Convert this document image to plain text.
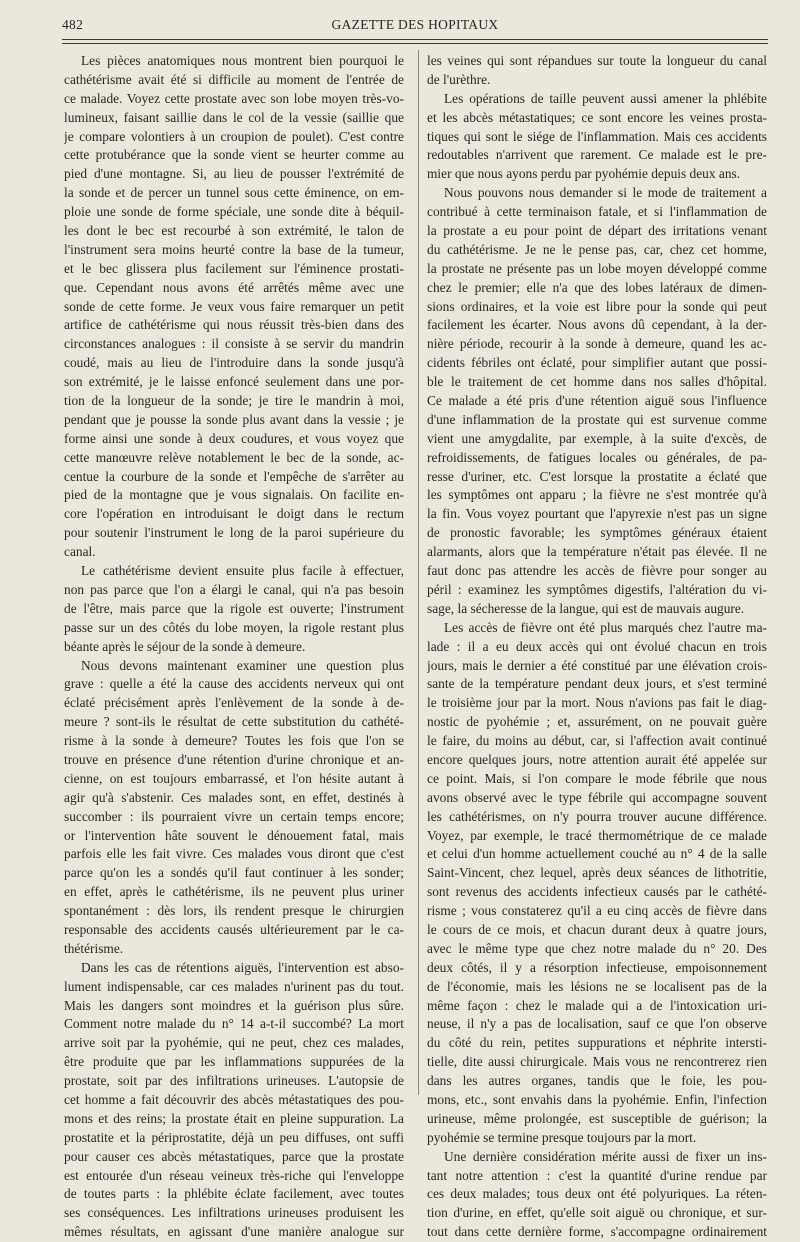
482	GAZETTE DES HOPITAUX
Les pièces anatomiques nous montrent bien pourquoi le
cathétérisme avait été si difficile au moment de l'entrée de
ce malade. Voyez cette prostate avec son lobe moyen très-vo-
lumineux, faisant saillie dans le col de la vessie (saillie que
je compare volontiers à un croupion de poulet). C'est contre
cette protubérance que la sonde vient se heurter comme au
pied d'une montagne. Si, au lieu de pousser l'extrémité de
la sonde et de percer un tunnel sous cette éminence, on em-
ploie une sonde de forme spéciale, une sonde dite à béquil-
les dont le bec est recourbé à son extrémité, le talon de
l'instrument sera moins heurté contre la base de la tumeur,
et le bec glissera plus facilement sur l'éminence prostati-
que. Cependant nous avons été arrêtés même avec une
sonde de cette forme. Je veux vous faire remarquer un petit
artifice de cathétérisme qui nous réussit très-bien dans des
circonstances analogues : il consiste à se servir du mandrin
coudé, mais au lieu de l'introduire dans la sonde jusqu'à
son extrémité, je le laisse enfoncé seulement dans une por-
tion de la longueur de la sonde; je tire le mandrin à moi,
pendant que je pousse la sonde plus avant dans la vessie ; je
forme ainsi une sonde à deux coudures, et vous voyez que
cette manœuvre relève notablement le bec de la sonde, ac-
centue la courbure de la sonde et l'empêche de s'arrêter au
pied de la montagne que je vous signalais. On facilite en-
core l'opération en introduisant le doigt dans le rectum
pour soutenir l'instrument le long de la paroi supérieure du
canal.
Le cathétérisme devient ensuite plus facile à effectuer,
non pas parce que l'on a élargi le canal, qui n'a pas besoin
de l'être, mais parce que la rigole est ouverte; l'instrument
passe sur un des côtés du lobe moyen, la rigole restant plus
béante après le séjour de la sonde à demeure.
Nous devons maintenant examiner une question plus
grave : quelle a été la cause des accidents nerveux qui ont
éclaté précisément après l'enlèvement de la sonde à de-
meure ? sont-ils le résultat de cette substitution du cathété-
risme à la sonde à demeure? Toutes les fois que l'on se
trouve en présence d'une rétention d'urine chronique et an-
cienne, on est toujours embarrassé, et l'on hésite autant à
agir qu'à s'abstenir. Ces malades sont, en effet, destinés à
succomber : ils pourraient vivre un certain temps encore;
or l'intervention hâte souvent le dénouement fatal, mais
parfois elle les fait vivre. Ces malades vous diront que c'est
parce qu'on les a sondés qu'il faut continuer à les sonder;
en effet, après le cathétérisme, ils ne peuvent plus uriner
spontanément : dès lors, ils rendent presque le chirurgien
responsable des accidents causés ultérieurement par le ca-
thétérisme.
Dans les cas de rétentions aiguës, l'intervention est abso-
lument indispensable, car ces malades n'urinent pas du tout.
Mais les dangers sont moindres et la guérison plus sûre.
Comment notre malade du n° 14 a-t-il succombé? La mort
arrive soit par la pyohémie, qui ne peut, chez ces malades,
être produite que par les inflammations suppurées de la
prostate, soit par des infiltrations urineuses. L'autopsie de
cet homme a fait découvrir des abcès métastatiques des pou-
mons et des reins; la prostate était en pleine suppuration. La
prostatite et la périprostatite, déjà un peu diffuses, ont suffi
pour causer ces abcès métastatiques, parce que la prostate
est entourée d'un réseau veineux très-riche qui l'enveloppe
de toutes parts : la phlébite éclate facilement, avec toutes
ses conséquences. Les infiltrations urineuses produisent les
mêmes résultats, en agissant d'une manière analogue sur
les veines qui sont répandues sur toute la longueur du canal
de l'urèthre.
Les opérations de taille peuvent aussi amener la phlébite
et les abcès métastatiques; ce sont encore les veines prosta-
tiques qui sont le siége de l'inflammation. Mais ces accidents
redoutables n'arrivent que rarement. Ce malade est le pre-
mier que nous ayons perdu par pyohémie depuis deux ans.
Nous pouvons nous demander si le mode de traitement a
contribué à cette terminaison fatale, et si l'inflammation de
la prostate a eu pour point de départ des irritations venant
du cathétérisme. Je ne le pense pas, car, chez cet homme,
la prostate ne présente pas un lobe moyen développé comme
chez le premier; elle n'a que des lobes latéraux de dimen-
sions ordinaires, et la voie est libre pour la sonde qui peut
facilement les écarter. Nous avons dû cependant, à la der-
nière période, recourir à la sonde à demeure, quand les ac-
cidents fébriles ont éclaté, pour simplifier autant que possi-
ble le traitement de cet homme dans nos salles d'hôpital.
Ce malade a été pris d'une rétention aiguë sous l'influence
d'une inflammation de la prostate qui est survenue comme
vient une amygdalite, par exemple, à la suite d'excès, de
refroidissements, de fatigues locales ou générales, de pa-
resse d'uriner, etc. C'est lorsque la prostatite a éclaté que
les symptômes ont apparu ; la fièvre ne s'est montrée qu'à
la fin. Vous voyez pourtant que l'apyrexie n'est pas un signe
de pronostic favorable; les symptômes généraux étaient
alarmants, alors que la température n'était pas élevée. Il ne
faut donc pas attendre les accès de fièvre pour songer au
péril : examinez les symptômes digestifs, l'altération du vi-
sage, la sécheresse de la langue, qui est de mauvais augure.
Les accès de fièvre ont été plus marqués chez l'autre ma-
lade : il a eu deux accès qui ont évolué chacun en trois
jours, mais le dernier a été constitué par une élévation crois-
sante de la température pendant deux jours, et s'est terminé
le troisième jour par la mort. Nous n'avions pas fait le diag-
nostic de pyohémie ; et, assurément, on ne pouvait guère
le faire, du moins au début, car, si l'affection avait continué
encore quelques jours, notre attention aurait été appelée sur
ce point. Mais, si l'on compare le mode fébrile que nous
avons observé avec le type fébrile qui accompagne souvent
les cathétérismes, on n'y pourra trouver aucune différence.
Voyez, par exemple, le tracé thermométrique de ce malade
et celui d'un homme actuellement couché au n° 4 de la salle
Saint-Vincent, chez lequel, après deux séances de lithotritie,
sont revenus des accidents infectieux causés par le cathété-
risme ; vous constaterez qu'il a eu cinq accès de fièvre dans
le cours de ce mois, et chacun durant deux à quatre jours,
avec le même type que chez notre malade du n° 20. Des
deux côtés, il y a résorption infectieuse, empoisonnement
de l'économie, mais les lésions ne se localisent pas de la
même façon : chez le malade qui a de l'intoxication uri-
neuse, il n'y a pas de localisation, sauf ce que l'on observe
du côté du rein, petites suppurations et néphrite intersti-
tielle, dite aussi chirurgicale. Mais vous ne rencontrerez rien
dans les autres organes, tandis que le foie, les pou-
mons, etc., sont envahis dans la pyohémie. Enfin, l'infection
urineuse, même prolongée, est susceptible de guérison; la
pyohémie se termine presque toujours par la mort.
Une dernière considération mérite aussi de fixer un ins-
tant notre attention : c'est la quantité d'urine rendue par
ces deux malades; tous deux ont été polyuriques. La réten-
tion d'urine, en effet, qu'elle soit aiguë ou chronique, et sur-
tout dans cette dernière forme, s'accompagne ordinairement
